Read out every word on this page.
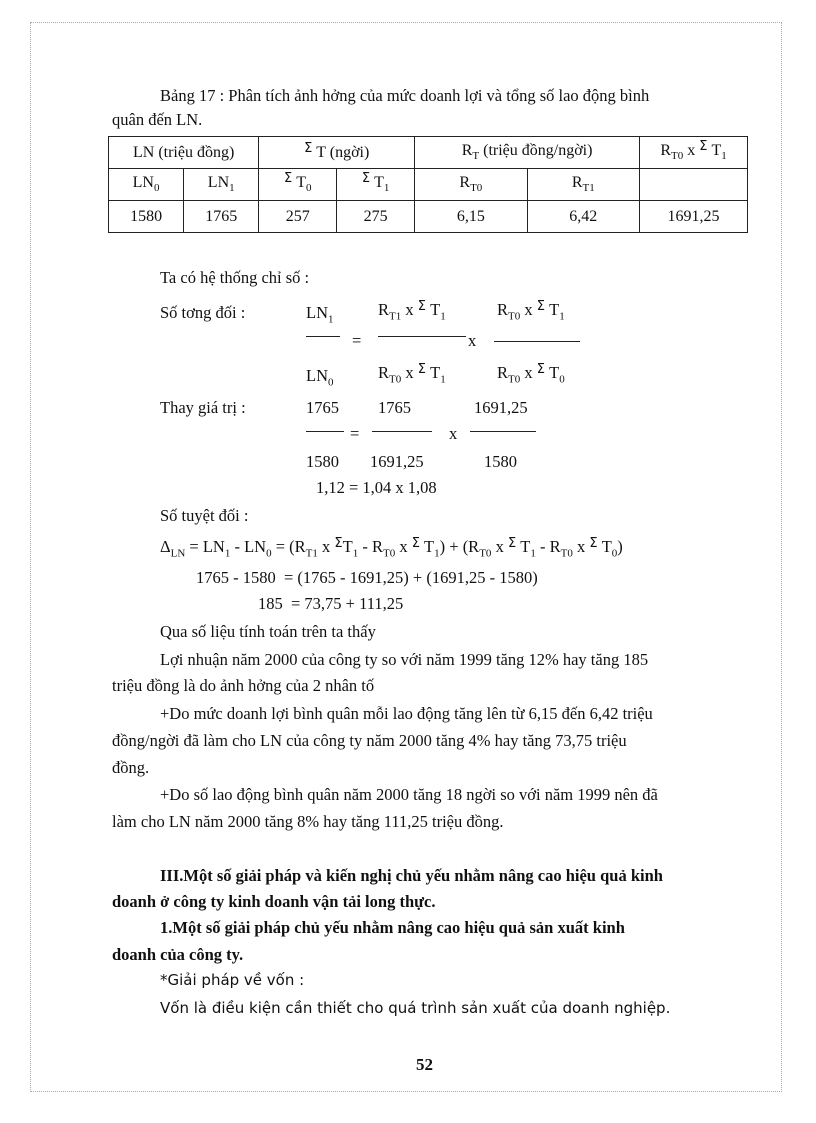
Bảng 17 : Phân tích ảnh hởng của mức doanh lợi và tổng số lao động bình
quân đến LN.
LN (triệu đồng)		$^\Sigma$ T (ngời)		$R_T$ (triệu đồng/ngời)		$R_{T0}$ x $^\Sigma$ $T_1$
$LN_0$	$LN_1$	$^\Sigma$ $T_0$	$^\Sigma$ $T_1$	$R_{T0}$	$R_{T1}$	
1580	1765	257	275	6,15	6,42	1691,25
Ta có hệ thống chỉ số :
Số tơng đối :	$LN_1$
$R_{T1}$ x $^\Sigma$ $T_1$	$R_{T0}$ x $^\Sigma$ $T_1$
=	x
$LN_0$
$R_{T0}$ x $^\Sigma$ $T_1$	$R_{T0}$ x $^\Sigma$ $T_0$
Thay giá trị :	1765 1765	1691,25
=	x
1580 1691,25	1580
1,12 = 1,04 x 1,08
Số tuyệt đối :
$\Delta_{LN} = LN_1 - LN_0 = (R_{T1}$ x $^\Sigma T_1 - R_{T0}$ x $^\Sigma$ $T_1) + (R_{T0}$ x $^\Sigma$ $T_1 - R_{T0}$ x $^\Sigma$ $T_0$)
1765 - 1580  = (1765 - 1691,25) + (1691,25 - 1580)
185  = 73,75 + 111,25
Qua số liệu tính toán trên ta thấy
Lợi nhuận năm 2000 của công ty so với năm 1999 tăng 12% hay tăng 185
triệu đồng là do ảnh hởng của 2 nhân tố
+Do mức doanh lợi bình quân mỗi lao động tăng lên từ 6,15 đến 6,42 triệu
đồng/ngời đã làm cho LN của công ty năm 2000 tăng 4% hay tăng 73,75 triệu
đồng.
+Do số lao động bình quân năm 2000 tăng 18 ngời so với năm 1999 nên đã
làm cho LN năm 2000 tăng 8% hay tăng 111,25 triệu đồng.
III.Một số giải pháp và kiến nghị chủ yếu nhằm nâng cao hiệu quả kinh
doanh ở công ty kinh doanh vận tải long thực.
1.Một số giải pháp chủ yếu nhằm nâng cao hiệu quả sản xuất kinh
doanh của công ty.
*Giải pháp về vốn :
Vốn là điều kiện cần thiết cho quá trình sản xuất của doanh nghiệp.
52
